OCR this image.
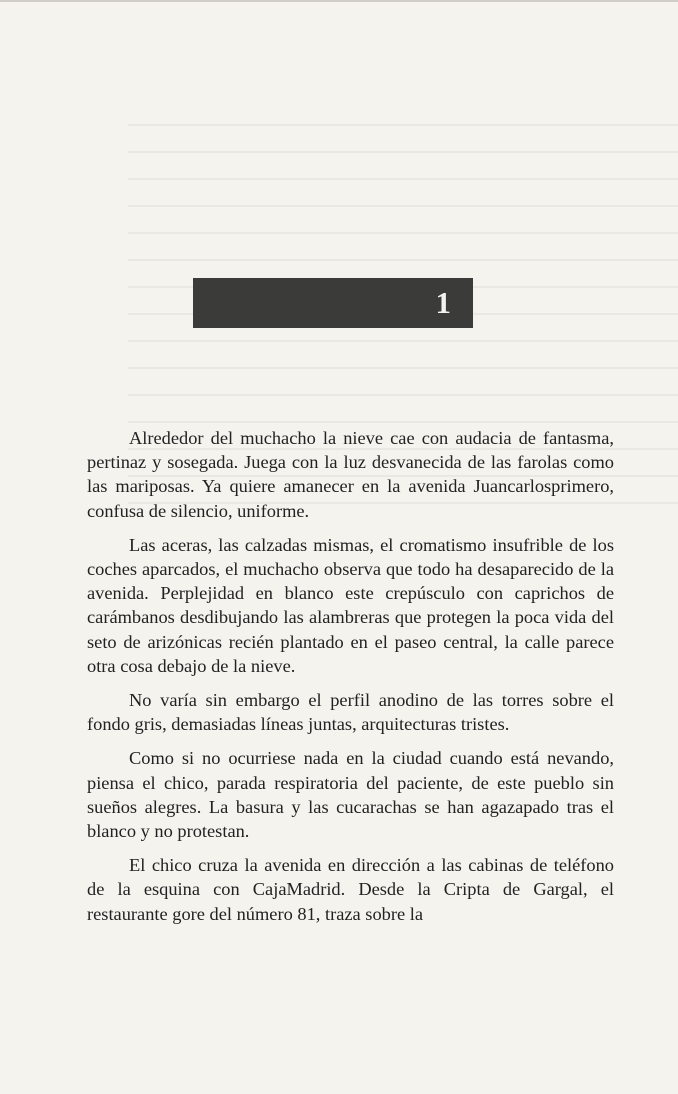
1

Alrededor del muchacho la nieve cae con audacia de fantasma, pertinaz y sosegada. Juega con la luz desvanecida de las farolas como las mariposas. Ya quiere amanecer en la avenida Juancarlosprimero, confusa de silencio, uniforme.

Las aceras, las calzadas mismas, el cromatismo insufrible de los coches aparcados, el muchacho observa que todo ha desaparecido de la avenida. Perplejidad en blanco este crepúsculo con caprichos de carámbanos desdibujando las alambreras que protegen la poca vida del seto de arizónicas recién plantado en el paseo central, la calle parece otra cosa debajo de la nieve.

No varía sin embargo el perfil anodino de las torres sobre el fondo gris, demasiadas líneas juntas, arquitecturas tristes.

Como si no ocurriese nada en la ciudad cuando está nevando, piensa el chico, parada respiratoria del paciente, de este pueblo sin sueños alegres. La basura y las cucarachas se han agazapado tras el blanco y no protestan.

El chico cruza la avenida en dirección a las cabinas de teléfono de la esquina con CajaMadrid. Desde la Cripta de Gargal, el restaurante gore del número 81, traza sobre la
